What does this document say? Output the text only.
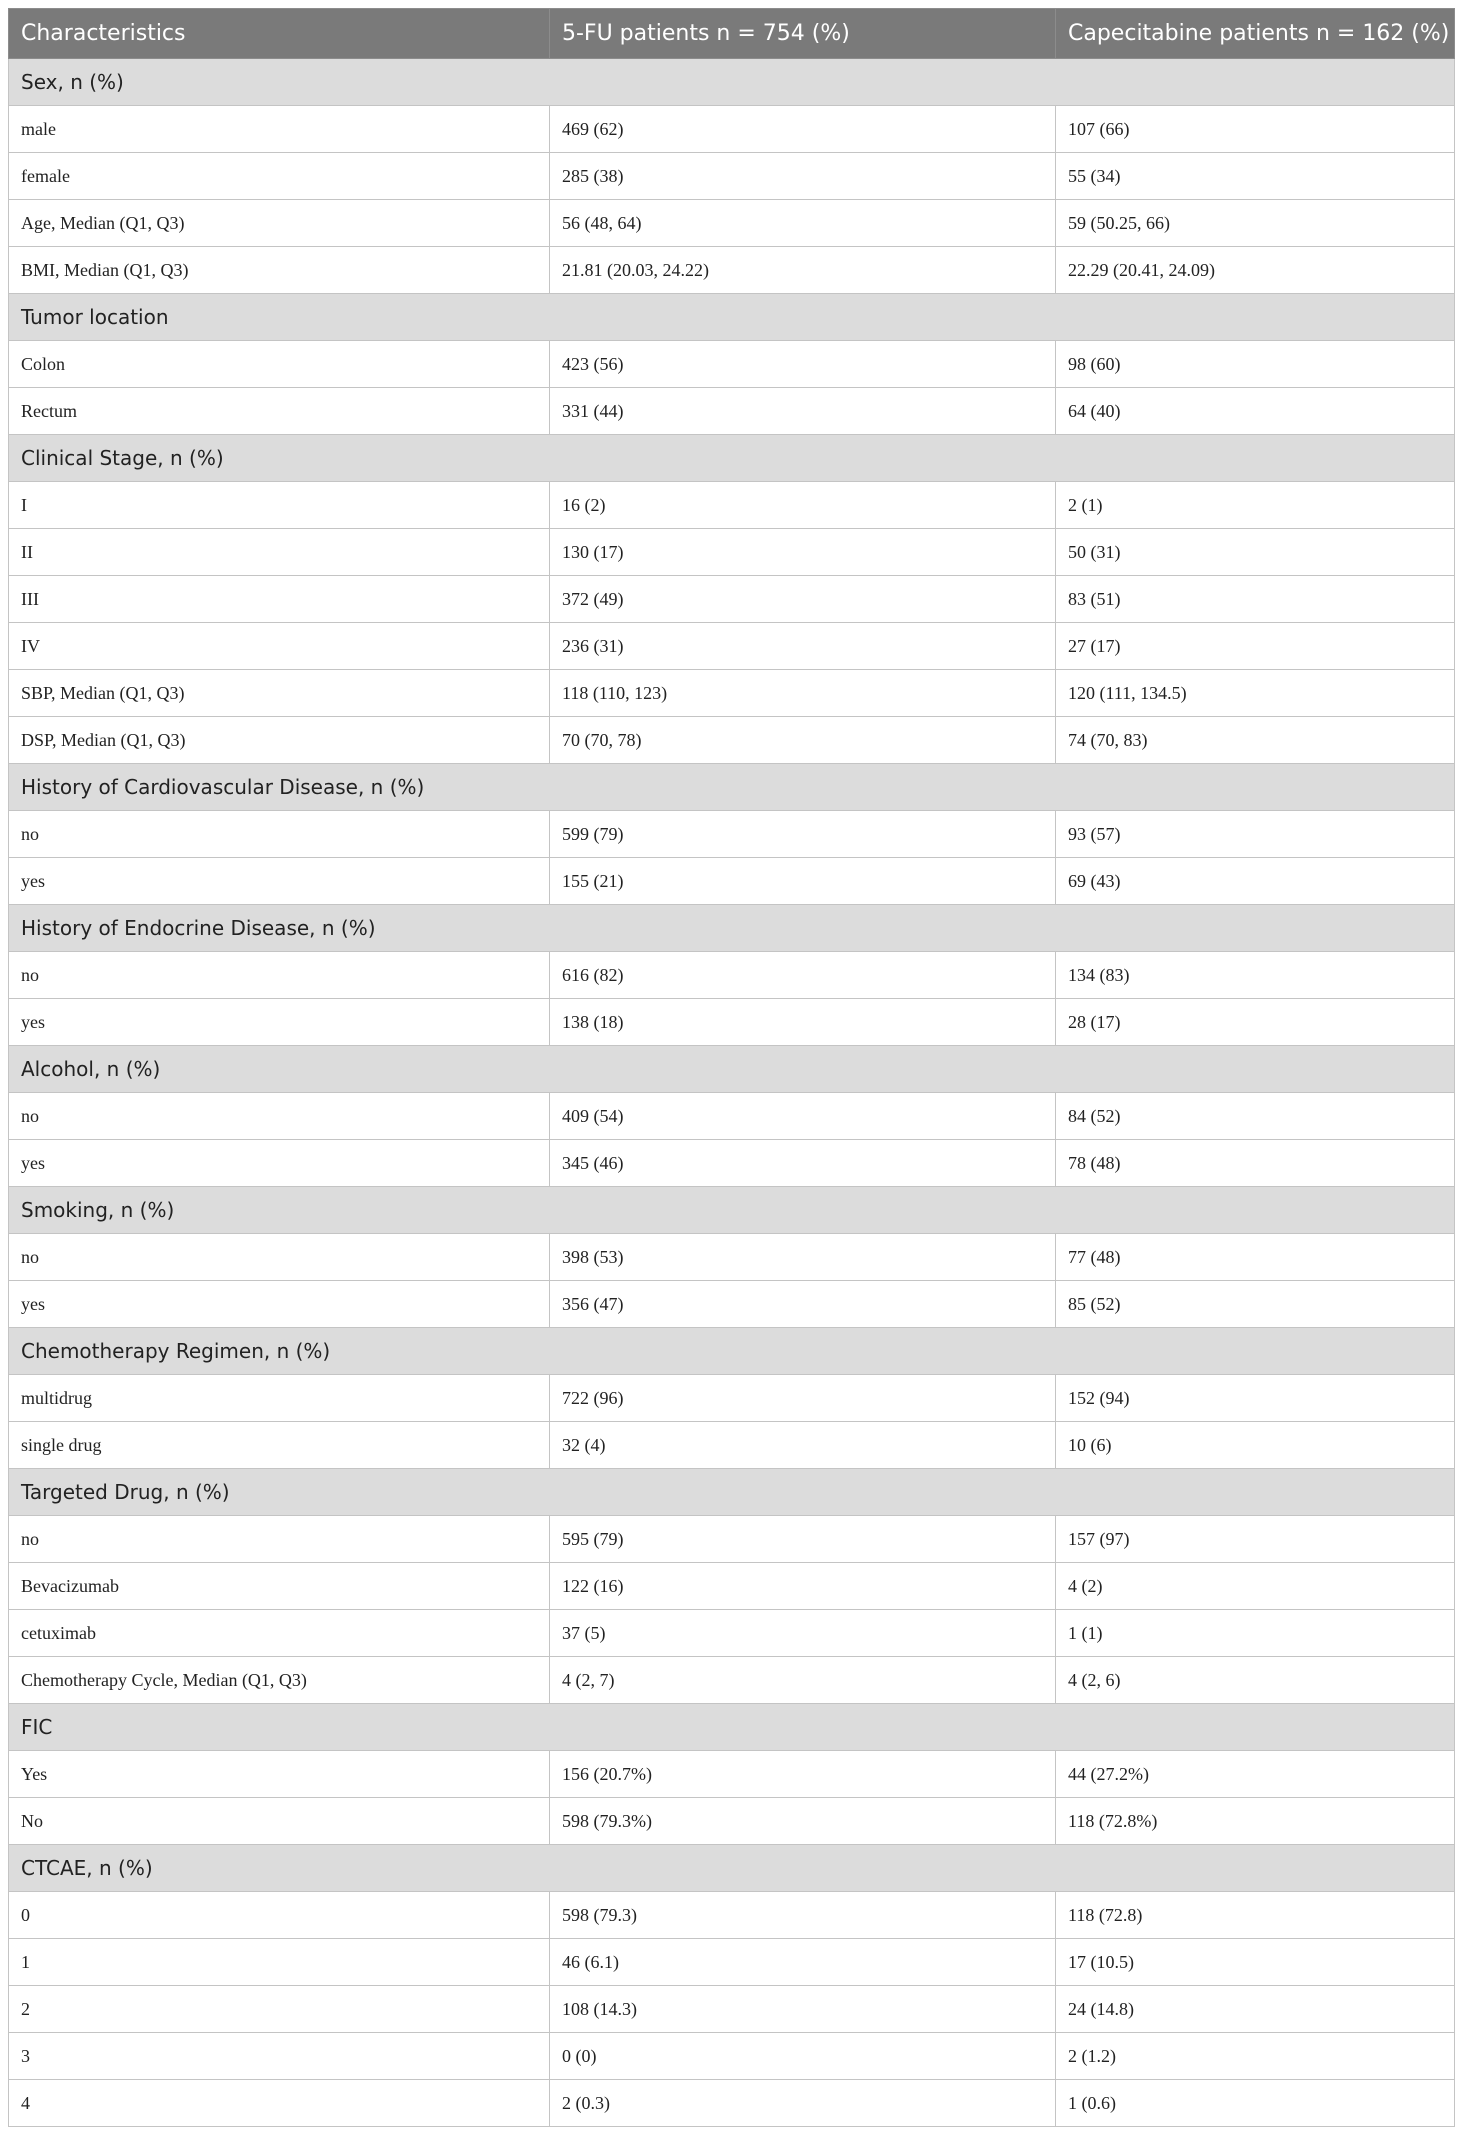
Characteristics	5-FU patients n = 754 (%)	Capecitabine patients n = 162 (%)
Sex, n (%)		
male	469 (62)	107 (66)
female	285 (38)	55 (34)
Age, Median (Q1, Q3)	56 (48, 64)	59 (50.25, 66)
BMI, Median (Q1, Q3)	21.81 (20.03, 24.22)	22.29 (20.41, 24.09)
Tumor location		
Colon	423 (56)	98 (60)
Rectum	331 (44)	64 (40)
Clinical Stage, n (%)		
I	16 (2)	2 (1)
II	130 (17)	50 (31)
III	372 (49)	83 (51)
IV	236 (31)	27 (17)
SBP, Median (Q1, Q3)	118 (110, 123)	120 (111, 134.5)
DSP, Median (Q1, Q3)	70 (70, 78)	74 (70, 83)
History of Cardiovascular Disease, n (%)		
no	599 (79)	93 (57)
yes	155 (21)	69 (43)
History of Endocrine Disease, n (%)		
no	616 (82)	134 (83)
yes	138 (18)	28 (17)
Alcohol, n (%)		
no	409 (54)	84 (52)
yes	345 (46)	78 (48)
Smoking, n (%)		
no	398 (53)	77 (48)
yes	356 (47)	85 (52)
Chemotherapy Regimen, n (%)		
multidrug	722 (96)	152 (94)
single drug	32 (4)	10 (6)
Targeted Drug, n (%)		
no	595 (79)	157 (97)
Bevacizumab	122 (16)	4 (2)
cetuximab	37 (5)	1 (1)
Chemotherapy Cycle, Median (Q1, Q3)	4 (2, 7)	4 (2, 6)
FIC		
Yes	156 (20.7%)	44 (27.2%)
No	598 (79.3%)	118 (72.8%)
CTCAE, n (%)		
0	598 (79.3)	118 (72.8)
1	46 (6.1)	17 (10.5)
2	108 (14.3)	24 (14.8)
3	0 (0)	2 (1.2)
4	2 (0.3)	1 (0.6)
